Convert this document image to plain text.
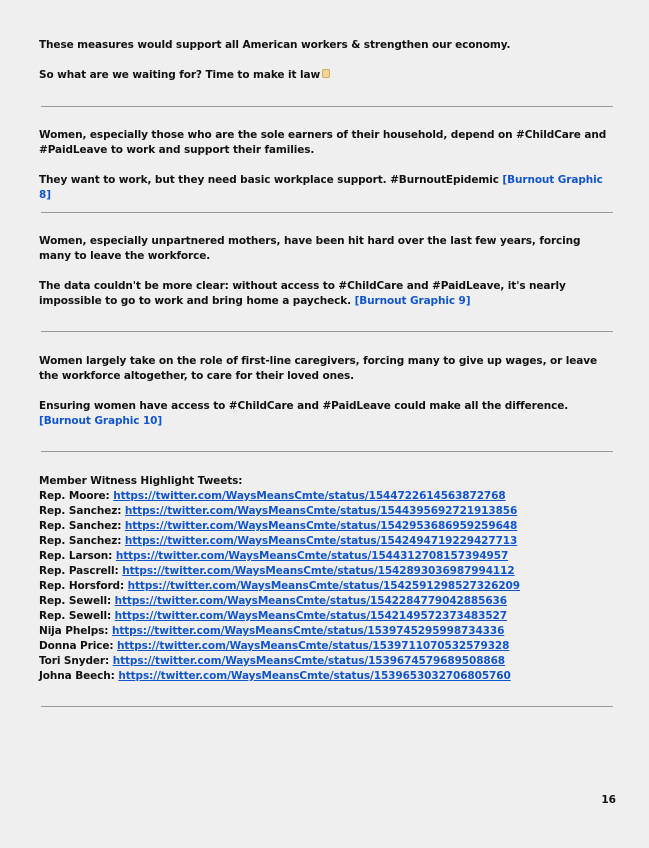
These measures would support all American workers & strengthen our economy.

So what are we waiting for? Time to make it law

Women, especially those who are the sole earners of their household, depend on #ChildCare and #PaidLeave to work and support their families.

They want to work, but they need basic workplace support. #BurnoutEpidemic [Burnout Graphic 8]

Women, especially unpartnered mothers, have been hit hard over the last few years, forcing many to leave the workforce.

The data couldn't be more clear: without access to #ChildCare and #PaidLeave, it's nearly impossible to go to work and bring home a paycheck. [Burnout Graphic 9]

Women largely take on the role of first-line caregivers, forcing many to give up wages, or leave the workforce altogether, to care for their loved ones.

Ensuring women have access to #ChildCare and #PaidLeave could make all the difference. [Burnout Graphic 10]

Member Witness Highlight Tweets:

Rep. Moore: https://twitter.com/WaysMeansCmte/status/1544722614563872768

Rep. Sanchez: https://twitter.com/WaysMeansCmte/status/1544395692721913856

Rep. Sanchez: https://twitter.com/WaysMeansCmte/status/1542953686959259648

Rep. Sanchez: https://twitter.com/WaysMeansCmte/status/1542494719229427713

Rep. Larson: https://twitter.com/WaysMeansCmte/status/1544312708157394957

Rep. Pascrell: https://twitter.com/WaysMeansCmte/status/1542893036987994112

Rep. Horsford: https://twitter.com/WaysMeansCmte/status/1542591298527326209

Rep. Sewell: https://twitter.com/WaysMeansCmte/status/1542284779042885636

Rep. Sewell: https://twitter.com/WaysMeansCmte/status/1542149572373483527

Nija Phelps: https://twitter.com/WaysMeansCmte/status/1539745295998734336

Donna Price: https://twitter.com/WaysMeansCmte/status/1539711070532579328

Tori Snyder: https://twitter.com/WaysMeansCmte/status/1539674579689508868

Johna Beech: https://twitter.com/WaysMeansCmte/status/1539653032706805760

16
